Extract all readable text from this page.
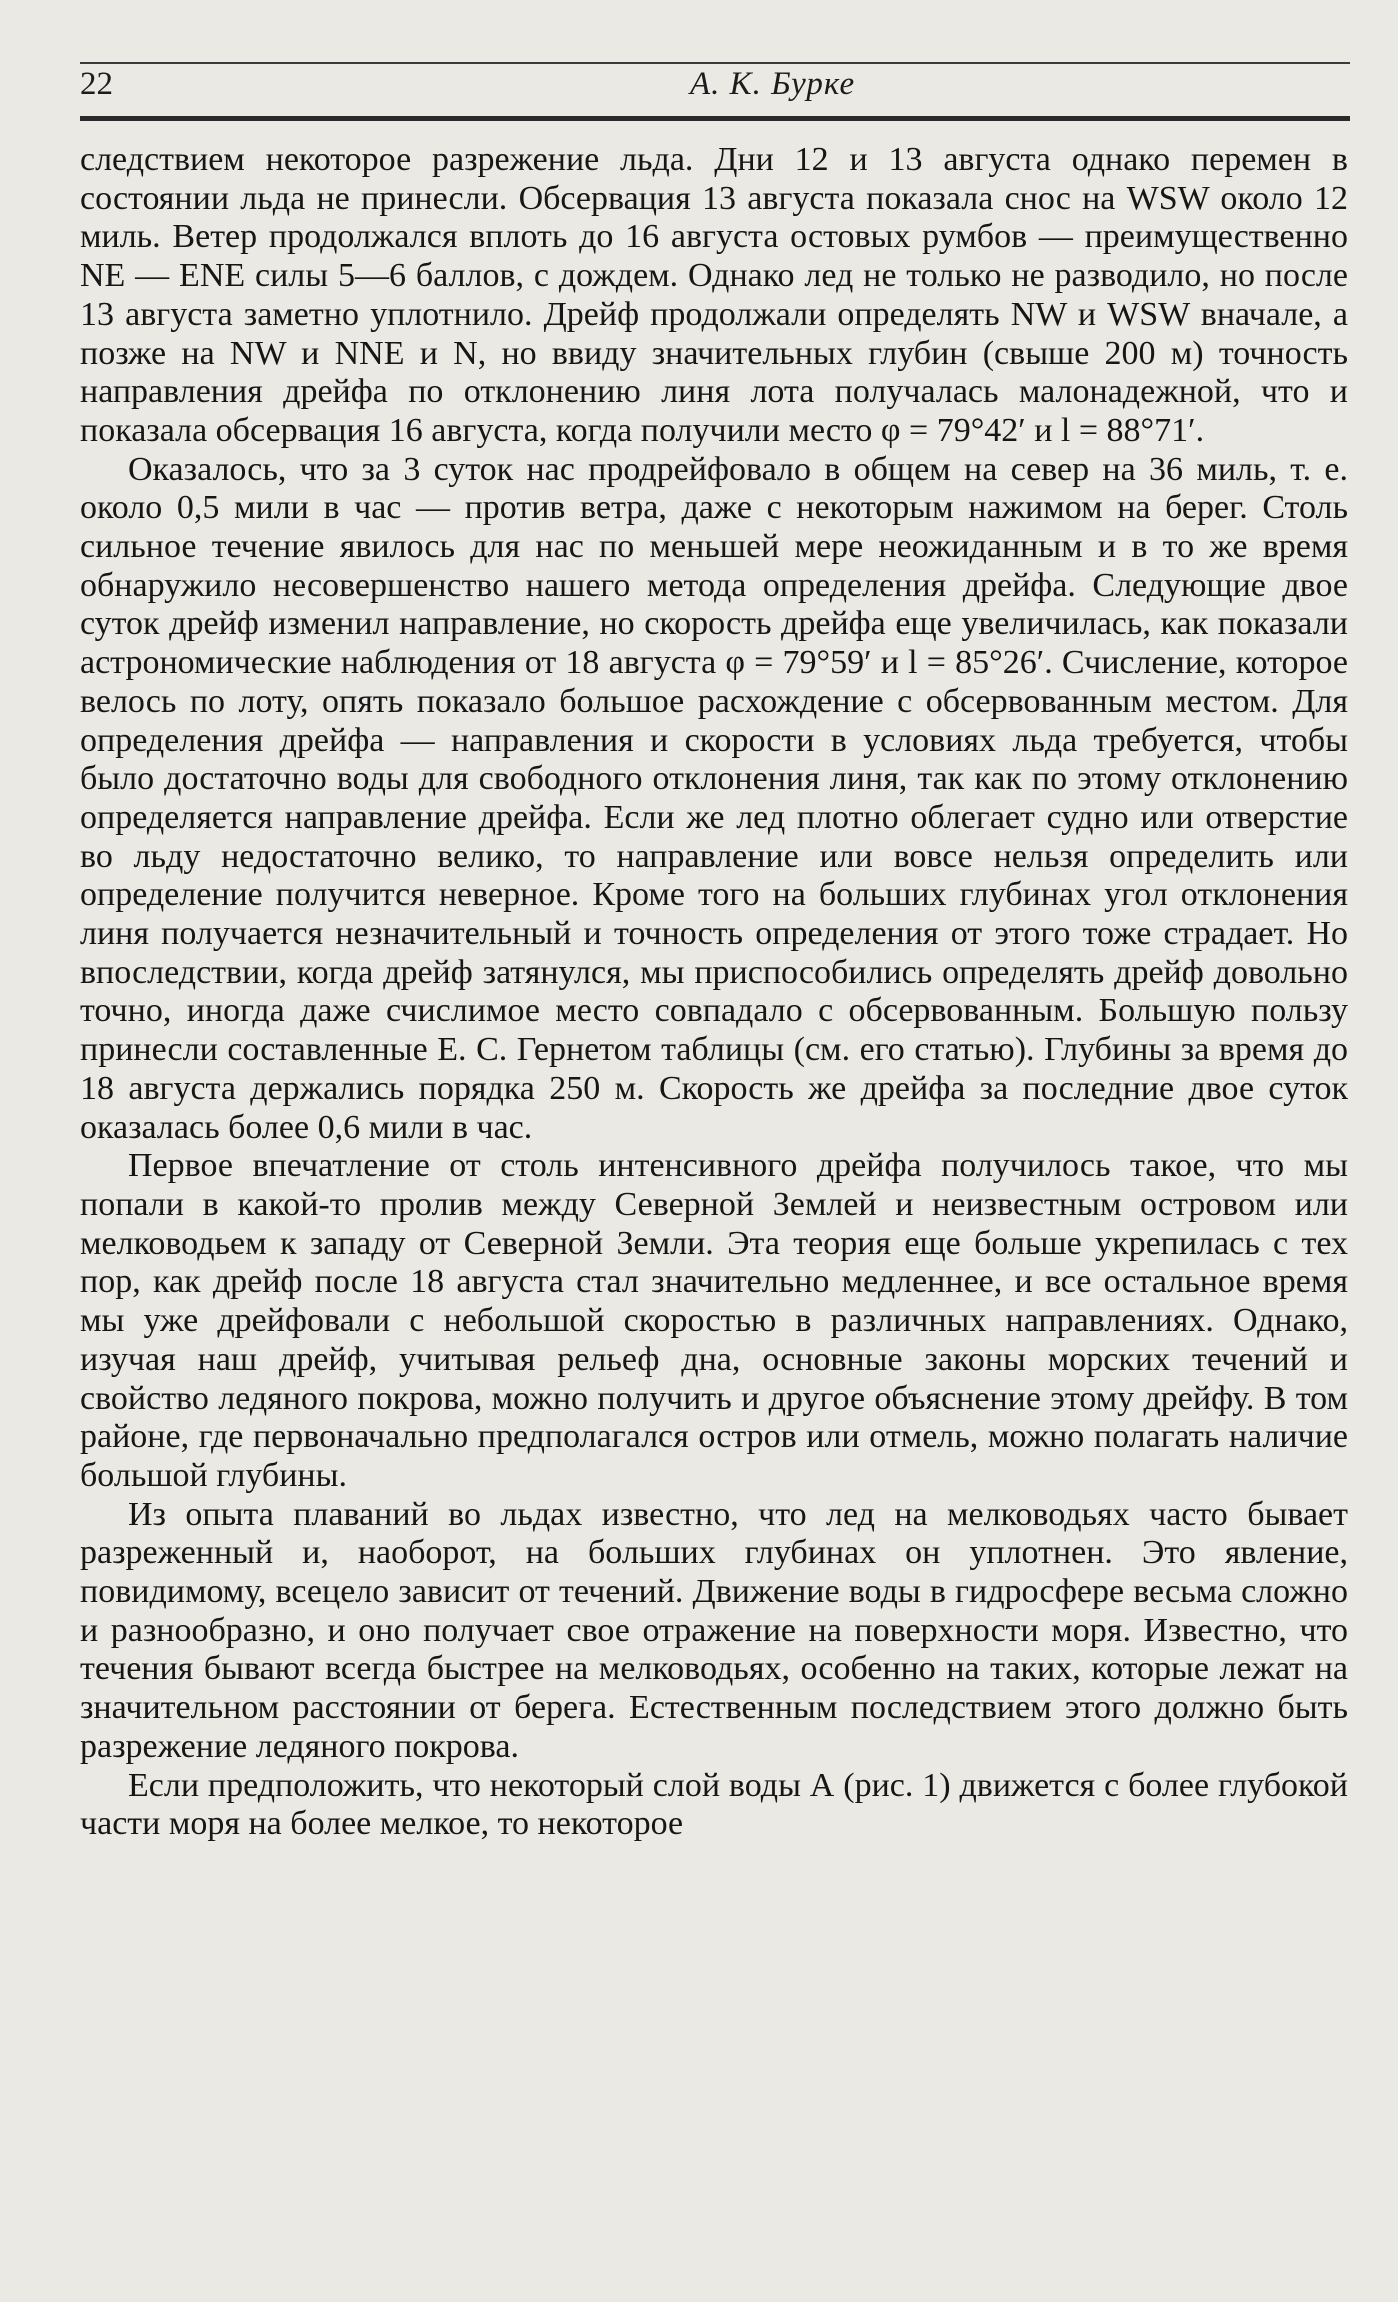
22	А. К. Бурке

следствием некоторое разрежение льда. Дни 12 и 13 августа однако перемен в состоянии льда не принесли. Обсервация 13 августа показала снос на WSW около 12 миль. Ветер продолжался вплоть до 16 августа остовых румбов — преимущественно NE — ENE силы 5—6 баллов, с дождем. Однако лед не только не разводило, но после 13 августа заметно уплотнило. Дрейф продолжали определять NW и WSW вначале, а позже на NW и NNE и N, но ввиду значительных глубин (свыше 200 м) точность направления дрейфа по отклонению линя лота получалась малонадежной, что и показала обсервация 16 августа, когда получили место φ = 79°42′ и l = 88°71′.

Оказалось, что за 3 суток нас продрейфовало в общем на север на 36 миль, т. е. около 0,5 мили в час — против ветра, даже с некоторым нажимом на берег. Столь сильное течение явилось для нас по меньшей мере неожиданным и в то же время обнаружило несовершенство нашего метода определения дрейфа. Следующие двое суток дрейф изменил направление, но скорость дрейфа еще увеличилась, как показали астрономические наблюдения от 18 августа φ = 79°59′ и l = 85°26′. Счисление, которое велось по лоту, опять показало большое расхождение с обсервованным местом. Для определения дрейфа — направления и скорости в условиях льда требуется, чтобы было достаточно воды для свободного отклонения линя, так как по этому отклонению определяется направление дрейфа. Если же лед плотно облегает судно или отверстие во льду недостаточно велико, то направление или вовсе нельзя определить или определение получится неверное. Кроме того на больших глубинах угол отклонения линя получается незначительный и точность определения от этого тоже страдает. Но впоследствии, когда дрейф затянулся, мы приспособились определять дрейф довольно точно, иногда даже счислимое место совпадало с обсервованным. Большую пользу принесли составленные Е. С. Гернетом таблицы (см. его статью). Глубины за время до 18 августа держались порядка 250 м. Скорость же дрейфа за последние двое суток оказалась более 0,6 мили в час.

Первое впечатление от столь интенсивного дрейфа получилось такое, что мы попали в какой-то пролив между Северной Землей и неизвестным островом или мелководьем к западу от Северной Земли. Эта теория еще больше укрепилась с тех пор, как дрейф после 18 августа стал значительно медленнее, и все остальное время мы уже дрейфовали с небольшой скоростью в различных направлениях. Однако, изучая наш дрейф, учитывая рельеф дна, основные законы морских течений и свойство ледяного покрова, можно получить и другое объяснение этому дрейфу. В том районе, где первоначально предполагался остров или отмель, можно полагать наличие большой глубины.

Из опыта плаваний во льдах известно, что лед на мелководьях часто бывает разреженный и, наоборот, на больших глубинах он уплотнен. Это явление, повидимому, всецело зависит от течений. Движение воды в гидросфере весьма сложно и разнообразно, и оно получает свое отражение на поверхности моря. Известно, что течения бывают всегда быстрее на мелководьях, особенно на таких, которые лежат на значительном расстоянии от берега. Естественным последствием этого должно быть разрежение ледяного покрова.

Если предположить, что некоторый слой воды А (рис. 1) движется с более глубокой части моря на более мелкое, то некоторое
